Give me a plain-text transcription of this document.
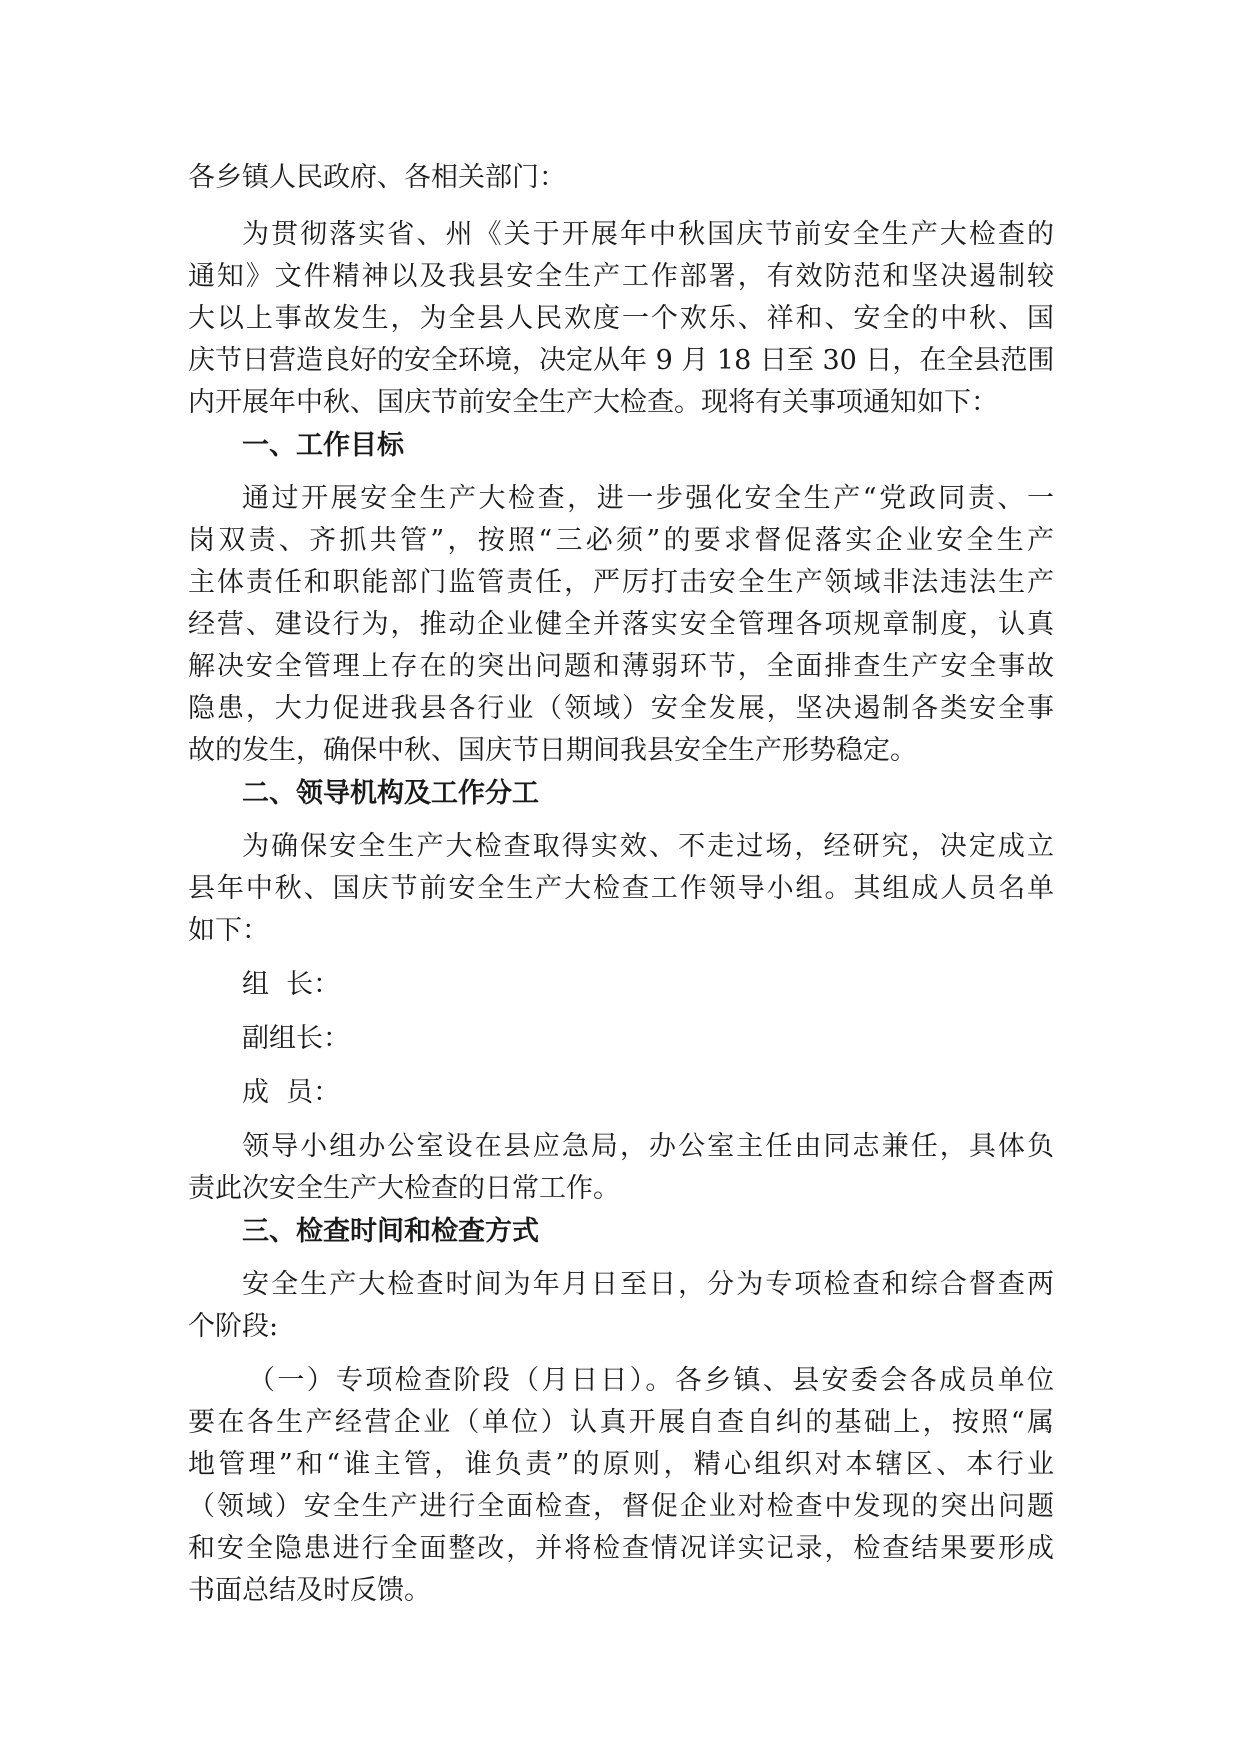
各乡镇人民政府、各相关部门：
为贯彻落实省、州《关于开展年中秋国庆节前安全生产大检查的
通知》文件精神以及我县安全生产工作部署，有效防范和坚决遏制较
大以上事故发生，为全县人民欢度一个欢乐、祥和、安全的中秋、国
庆节日营造良好的安全环境，决定从年 9 月 18 日至 30 日，在全县范围
内开展年中秋、国庆节前安全生产大检查。现将有关事项通知如下：
一、工作目标
通过开展安全生产大检查，进一步强化安全生产“党政同责、一
岗双责、齐抓共管”，按照“三必须”的要求督促落实企业安全生产
主体责任和职能部门监管责任，严厉打击安全生产领域非法违法生产
经营、建设行为，推动企业健全并落实安全管理各项规章制度，认真
解决安全管理上存在的突出问题和薄弱环节，全面排查生产安全事故
隐患，大力促进我县各行业（领域）安全发展，坚决遏制各类安全事
故的发生，确保中秋、国庆节日期间我县安全生产形势稳定。
二、领导机构及工作分工
为确保安全生产大检查取得实效、不走过场，经研究，决定成立
县年中秋、国庆节前安全生产大检查工作领导小组。其组成人员名单
如下：
组  长：
副组长：
成  员：
领导小组办公室设在县应急局，办公室主任由同志兼任，具体负
责此次安全生产大检查的日常工作。
三、检查时间和检查方式
安全生产大检查时间为年月日至日，分为专项检查和综合督查两
个阶段:
（一）专项检查阶段（月日日）。各乡镇、县安委会各成员单位
要在各生产经营企业（单位）认真开展自查自纠的基础上，按照“属
地管理”和“谁主管，谁负责”的原则，精心组织对本辖区、本行业
（领域）安全生产进行全面检查，督促企业对检查中发现的突出问题
和安全隐患进行全面整改，并将检查情况详实记录，检查结果要形成
书面总结及时反馈。
